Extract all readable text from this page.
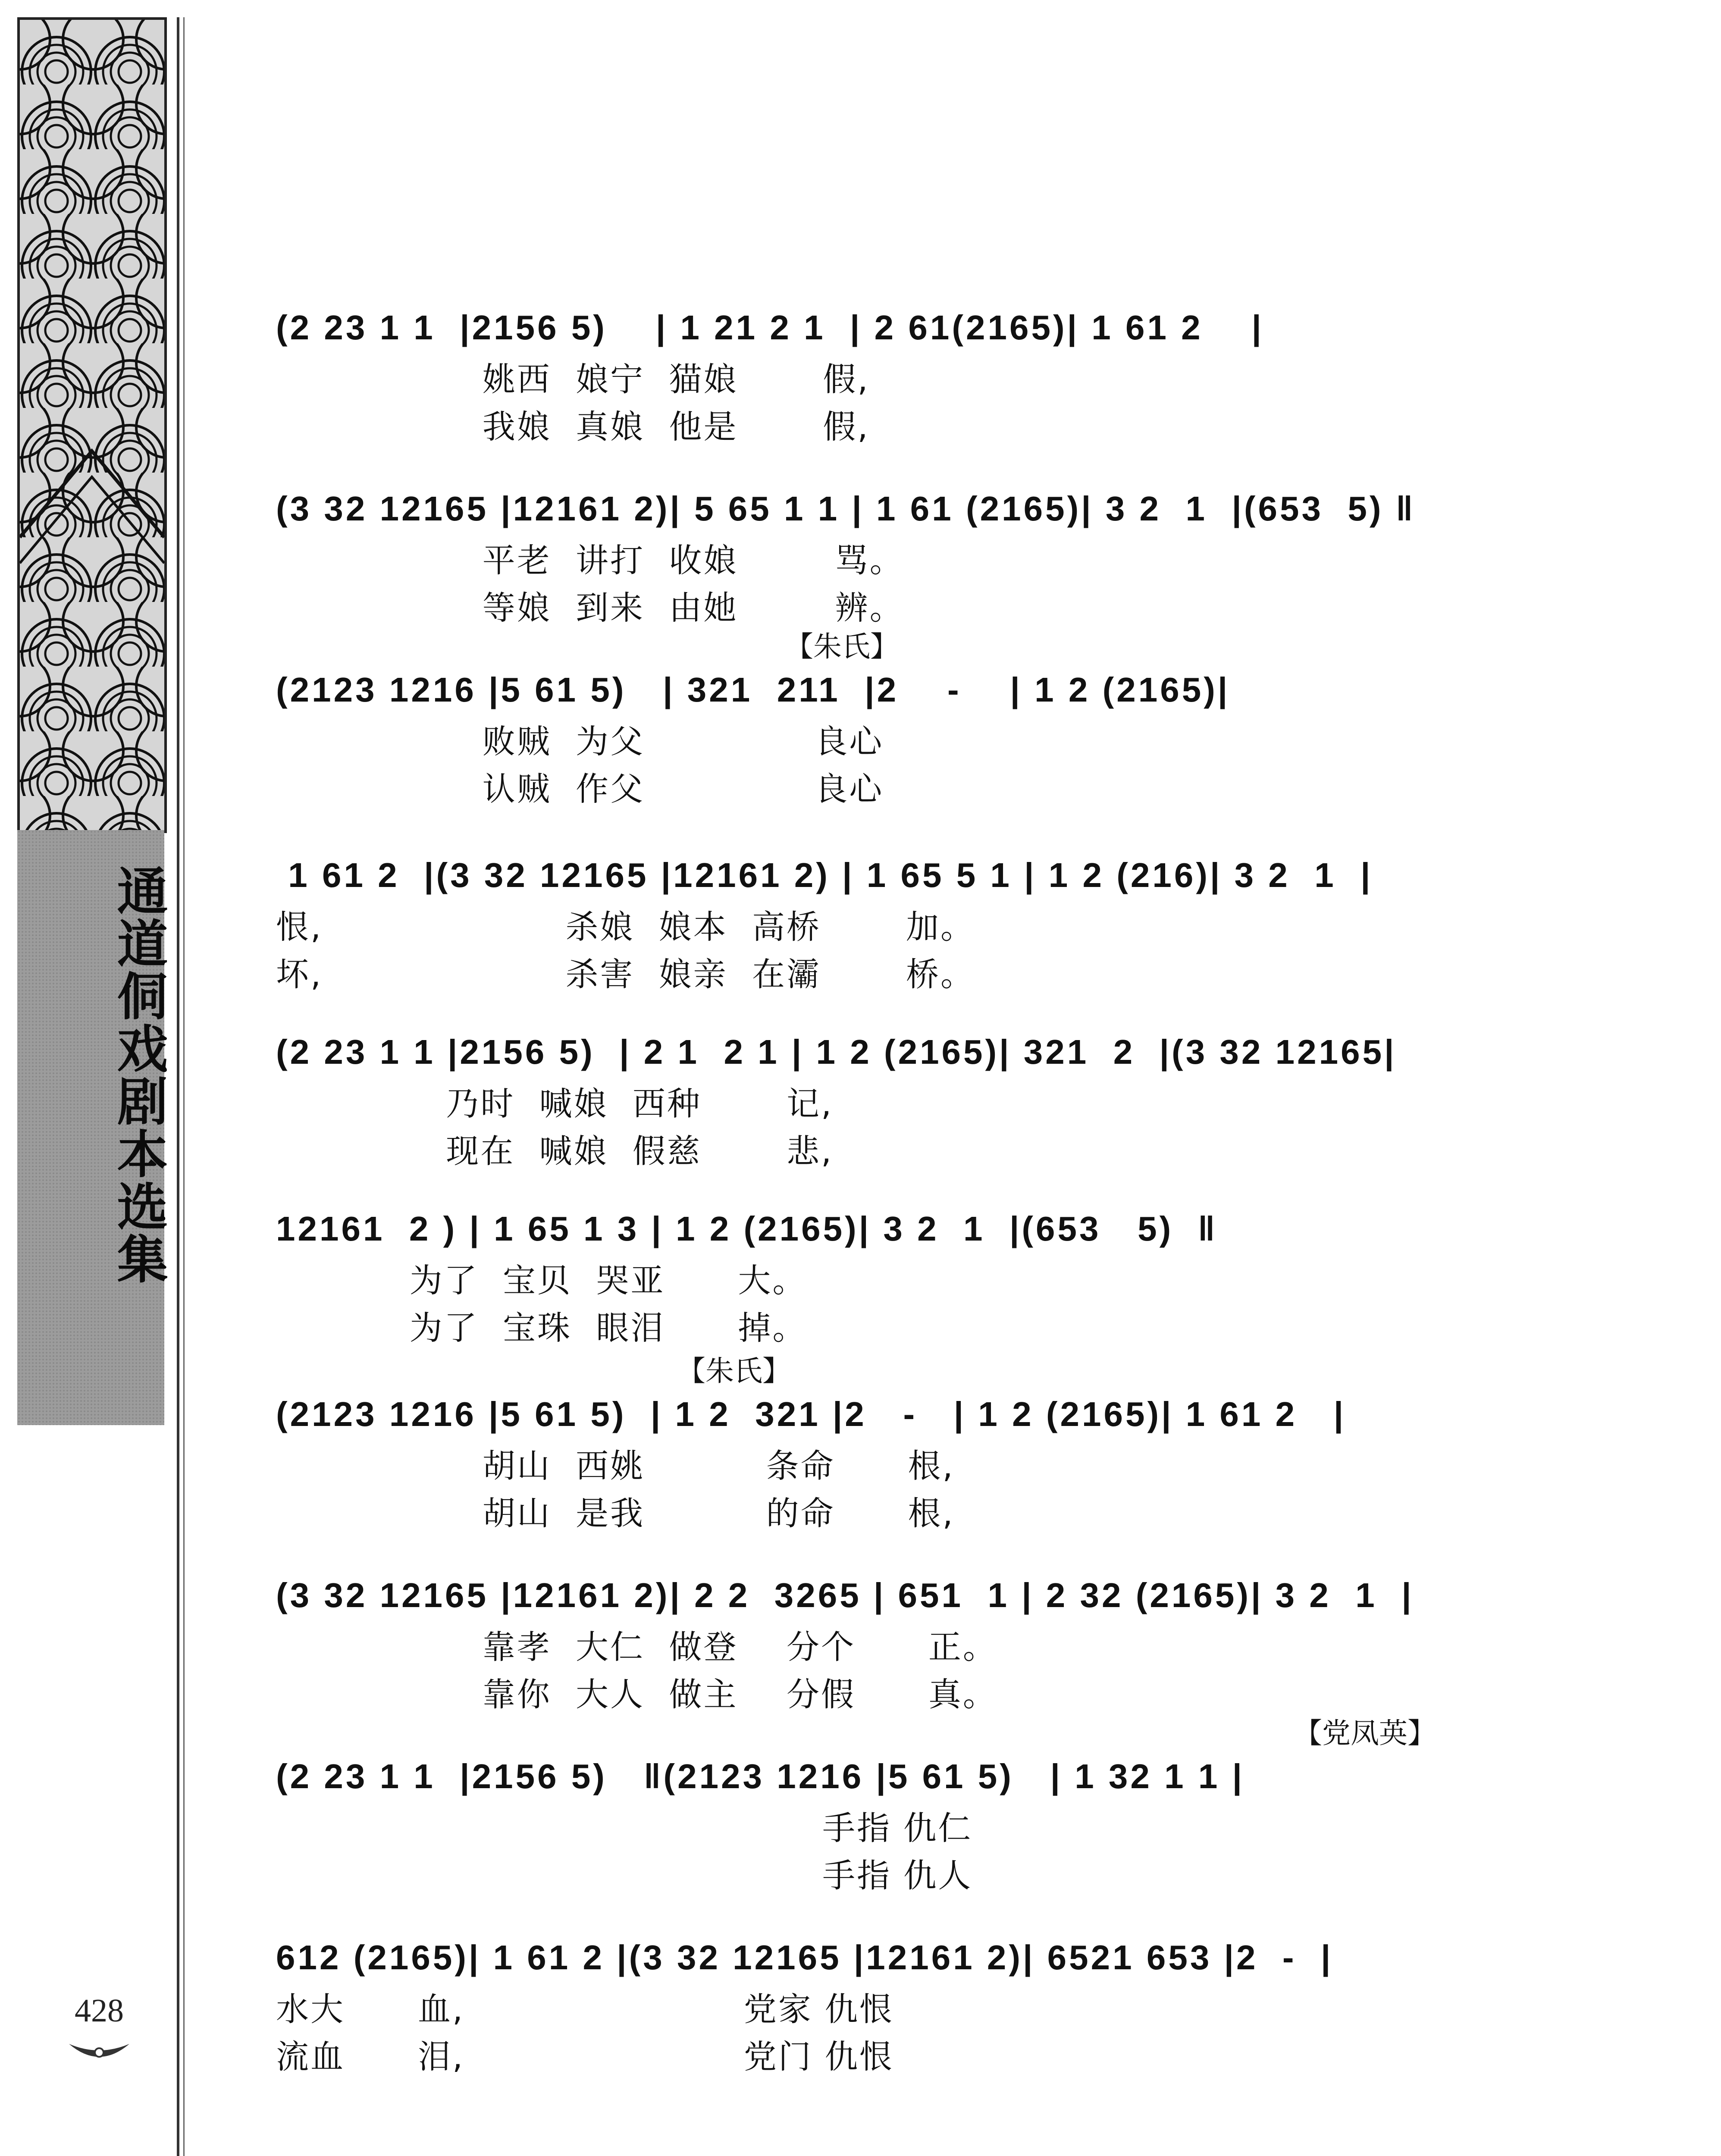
通道侗戏剧本选集
428
(2 23 1 1  |2156 5)    | 1 21 2 1  | 2 61(2165)| 1 61 2    |
姚西  娘宁  猫娘       假,
我娘  真娘  他是       假,
(3 32 12165 |12161 2)| 5 65 1 1 | 1 61 (2165)| 3 2  1  |(653  5) ‖
平老  讲打  收娘        骂。
等娘  到来  由她        辨。
【朱氏】
(2123 1216 |5 61 5)   | 321  211  |2    -    | 1 2 (2165)|
败贼  为父              良心
认贼  作父              良心
1 61 2  |(3 32 12165 |12161 2) | 1 65 5 1 | 1 2 (216)| 3 2  1  |
恨,                    杀娘  娘本  高桥       加。
坏,                    杀害  娘亲  在灞       桥。
(2 23 1 1 |2156 5)  | 2 1  2 1 | 1 2 (2165)| 321  2  |(3 32 12165|
乃时  喊娘  西种       记,
现在  喊娘  假慈       悲,
12161  2 ) | 1 65 1 3 | 1 2 (2165)| 3 2  1  |(653   5)  ‖
为了  宝贝  哭亚      大。
为了  宝珠  眼泪      掉。
【朱氏】
(2123 1216 |5 61 5)  | 1 2  321 |2   -   | 1 2 (2165)| 1 61 2   |
胡山  西姚          条命      根,
胡山  是我          的命      根,
(3 32 12165 |12161 2)| 2 2  3265 | 651  1 | 2 32 (2165)| 3 2  1  |
靠孝  大仁  做登    分个      正。
靠你  大人  做主    分假      真。
【党凤英】
(2 23 1 1  |2156 5)   ‖(2123 1216 |5 61 5)   | 1 32 1 1 |
手指 仇仁
手指 仇人
612 (2165)| 1 61 2 |(3 32 12165 |12161 2)| 6521 653 |2  -  |
水大      血,                       党家 仇恨
流血      泪,                       党门 仇恨
